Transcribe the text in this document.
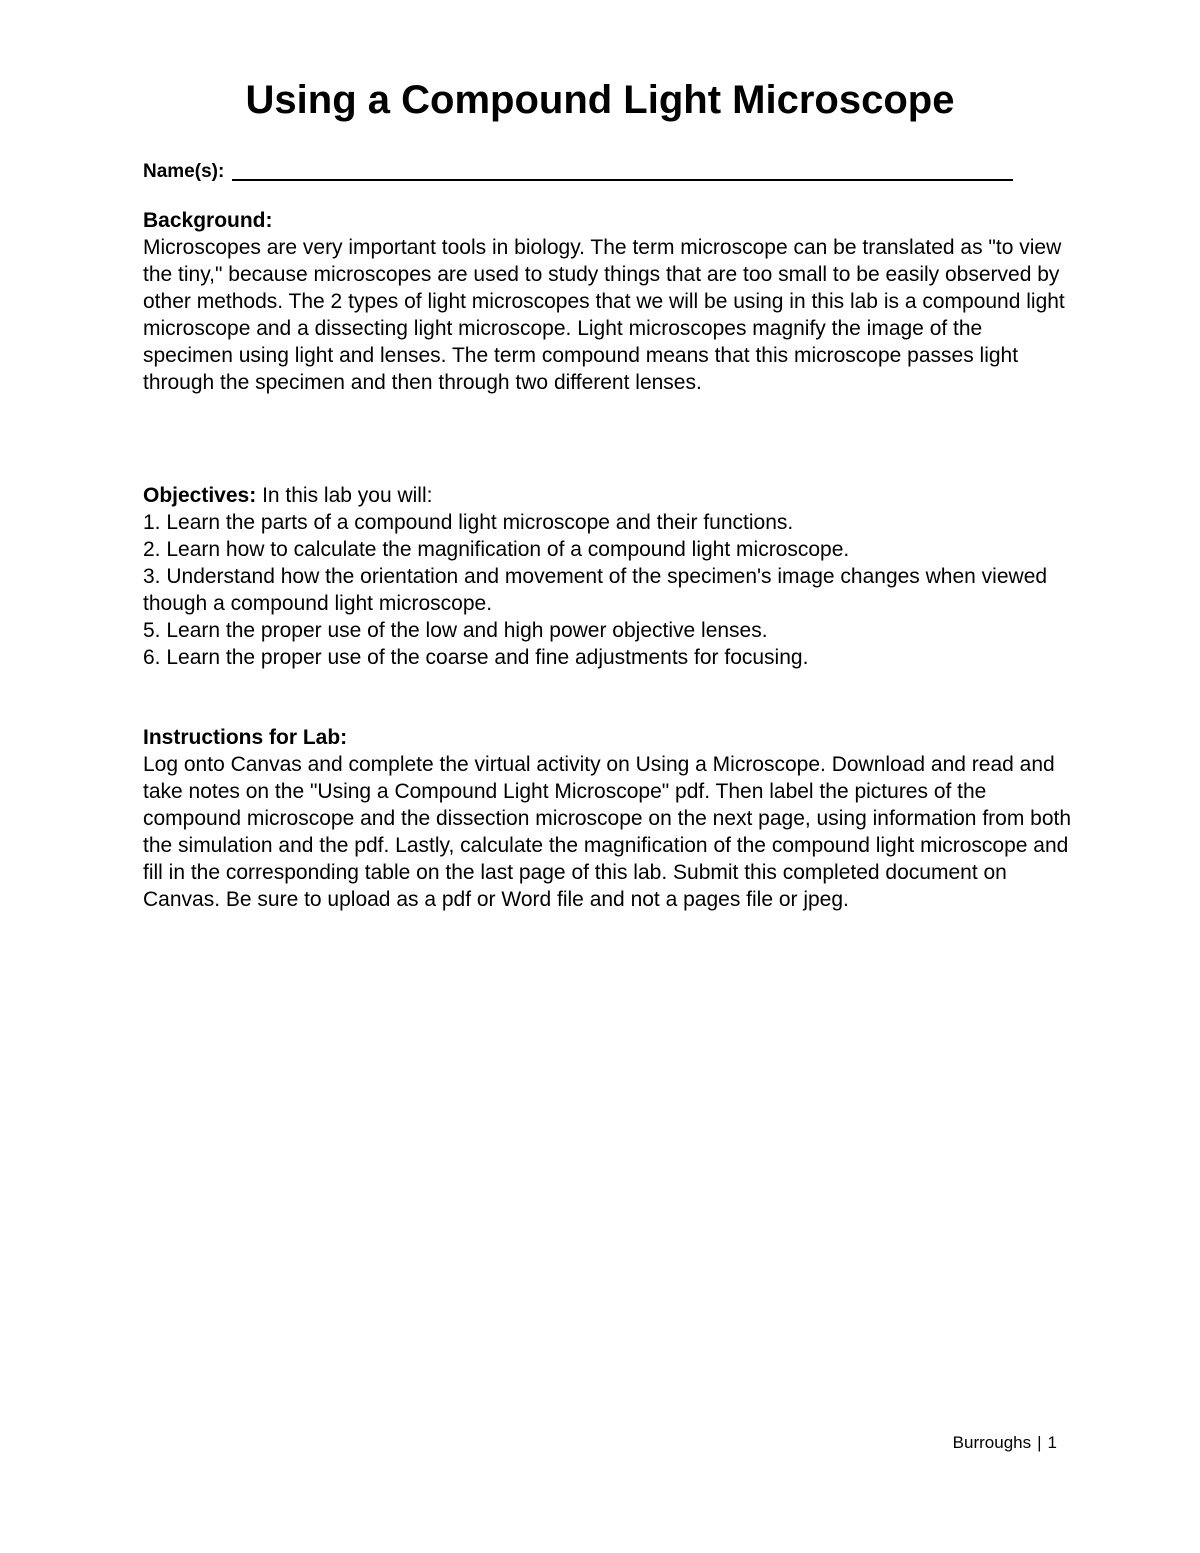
Using a Compound Light Microscope
Name(s):
Background:

Microscopes are very important tools in biology. The term microscope can be translated as "to view the tiny," because microscopes are used to study things that are too small to be easily observed by other methods. The 2 types of light microscopes that we will be using in this lab is a compound light microscope and a dissecting light microscope. Light microscopes magnify the image of the specimen using light and lenses. The term compound means that this microscope passes light through the specimen and then through two different lenses.

Objectives: In this lab you will:

1. Learn the parts of a compound light microscope and their functions.

2. Learn how to calculate the magnification of a compound light microscope.

3. Understand how the orientation and movement of the specimen's image changes when viewed though a compound light microscope.

5. Learn the proper use of the low and high power objective lenses.

6. Learn the proper use of the coarse and fine adjustments for focusing.

Instructions for Lab:

Log onto Canvas and complete the virtual activity on Using a Microscope. Download and read and take notes on the "Using a Compound Light Microscope" pdf. Then label the pictures of the compound microscope and the dissection microscope on the next page, using information from both the simulation and the pdf. Lastly, calculate the magnification of the compound light microscope and fill in the corresponding table on the last page of this lab. Submit this completed document on Canvas. Be sure to upload as a pdf or Word file and not a pages file or jpeg.

Burroughs | 1
